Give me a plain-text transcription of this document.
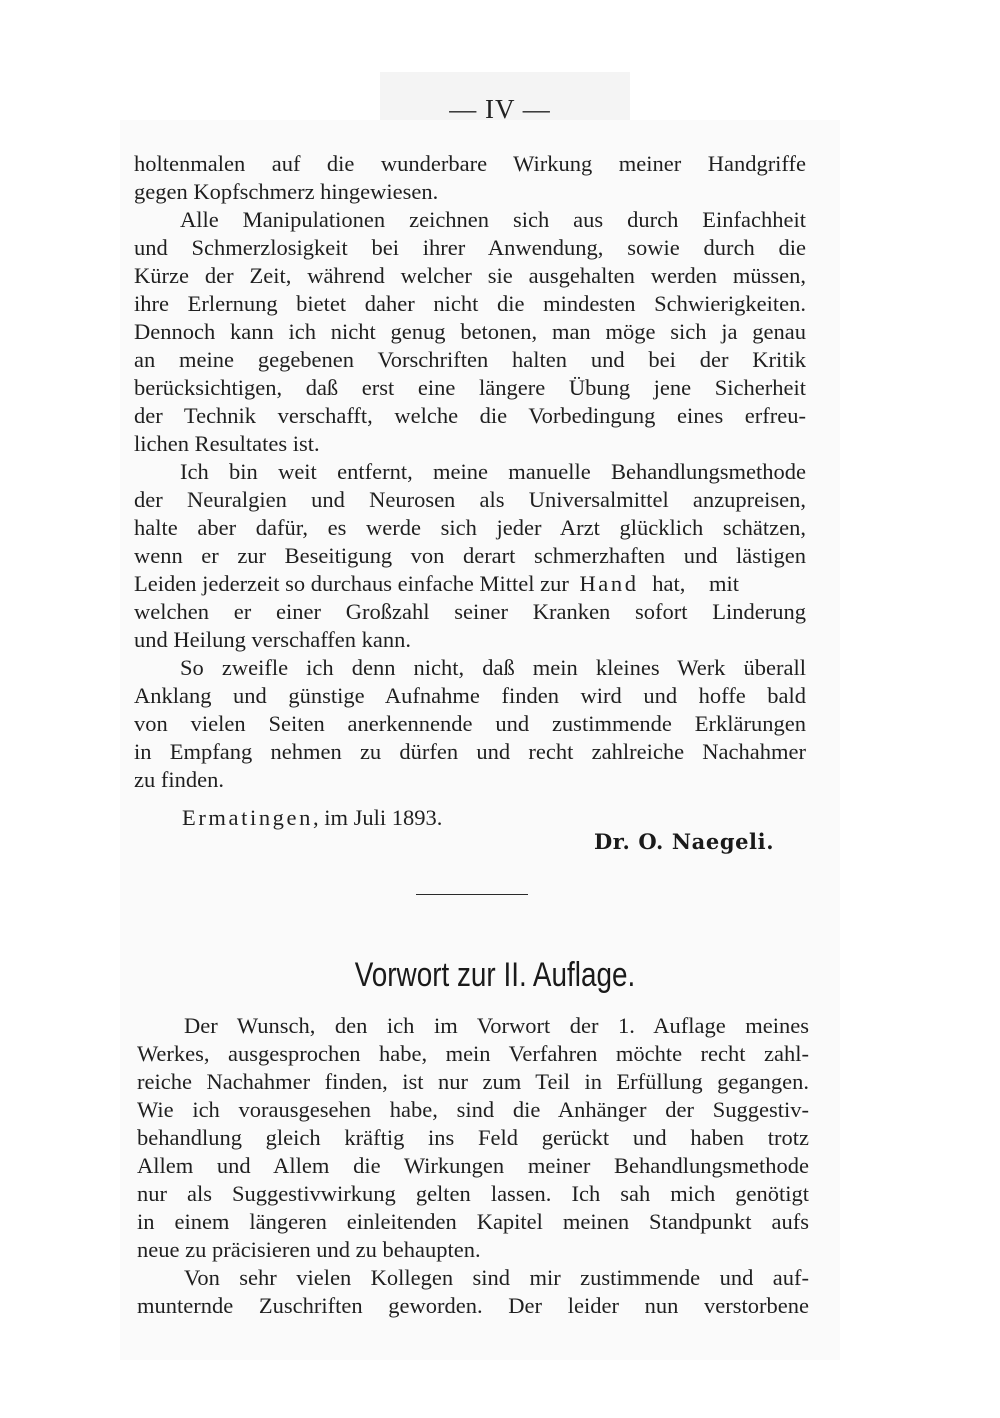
— IV —
holtenmalen auf die wunderbare Wirkung meiner Handgriffe
gegen Kopfschmerz hingewiesen.
Alle Manipulationen zeichnen sich aus durch Einfachheit
und Schmerzlosigkeit bei ihrer Anwendung, sowie durch die
Kürze der Zeit, während welcher sie ausgehalten werden müssen,
ihre Erlernung bietet daher nicht die mindesten Schwierigkeiten.
Dennoch kann ich nicht genug betonen, man möge sich ja genau
an meine gegebenen Vorschriften halten und bei der Kritik
berücksichtigen, daß erst eine längere Übung jene Sicherheit
der Technik verschafft, welche die Vorbedingung eines erfreu-
lichen Resultates ist.
Ich bin weit entfernt, meine manuelle Behandlungsmethode
der Neuralgien und Neurosen als Universalmittel anzupreisen,
halte aber dafür, es werde sich jeder Arzt glücklich schätzen,
wenn er zur Beseitigung von derart schmerzhaften und lästigen
Leiden jederzeit so durchaus einfache Mittel zur Hand hat, mit
welchen er einer Großzahl seiner Kranken sofort Linderung
und Heilung verschaffen kann.
So zweifle ich denn nicht, daß mein kleines Werk überall
Anklang und günstige Aufnahme finden wird und hoffe bald
von vielen Seiten anerkennende und zustimmende Erklärungen
in Empfang nehmen zu dürfen und recht zahlreiche Nachahmer
zu finden.
Ermatingen, im Juli 1893.
Dr. O. Naegeli.
Vorwort zur II. Auflage.
Der Wunsch, den ich im Vorwort der 1. Auflage meines
Werkes, ausgesprochen habe, mein Verfahren möchte recht zahl-
reiche Nachahmer finden, ist nur zum Teil in Erfüllung gegangen.
Wie ich vorausgesehen habe, sind die Anhänger der Suggestiv-
behandlung gleich kräftig ins Feld gerückt und haben trotz
Allem und Allem die Wirkungen meiner Behandlungsmethode
nur als Suggestivwirkung gelten lassen. Ich sah mich genötigt
in einem längeren einleitenden Kapitel meinen Standpunkt aufs
neue zu präcisieren und zu behaupten.
Von sehr vielen Kollegen sind mir zustimmende und auf-
munternde Zuschriften geworden. Der leider nun verstorbene
